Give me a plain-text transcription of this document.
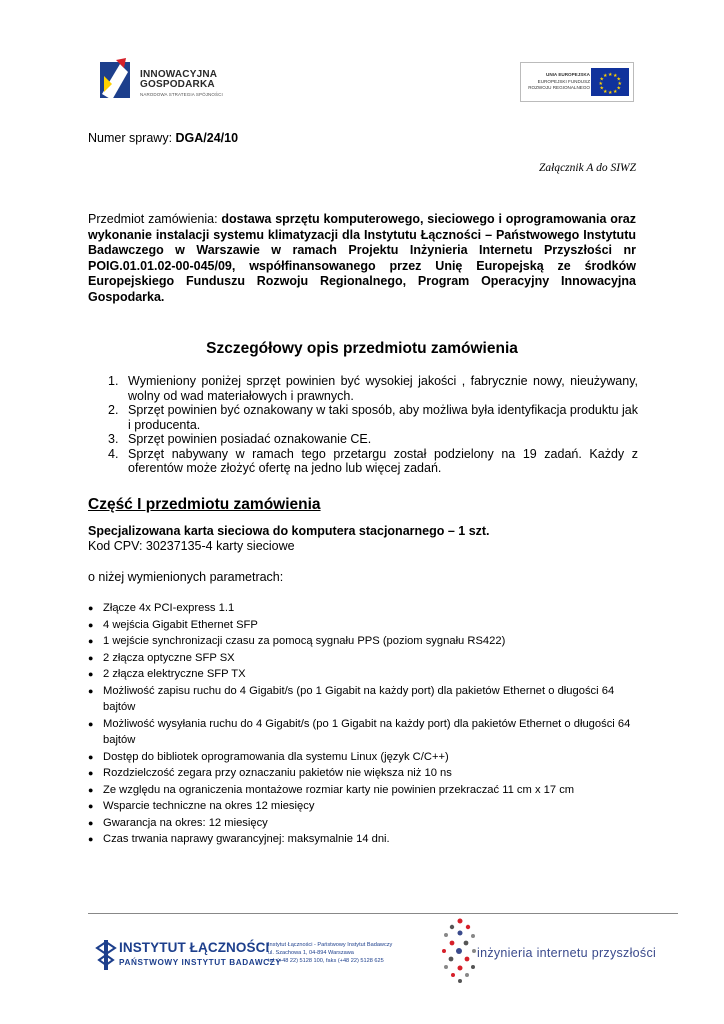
INNOWACYJNA
GOSPODARKA
NARODOWA STRATEGIA SPÓJNOŚCI
UNIA EUROPEJSKA
EUROPEJSKI FUNDUSZ
ROZWOJU REGIONALNEGO
★ ★
★
★
★
★
★
★
★
★
★
★
Numer sprawy: DGA/24/10
Załącznik A do SIWZ
Przedmiot zamówienia: dostawa sprzętu komputerowego, sieciowego i oprogramowania oraz wykonanie instalacji systemu klimatyzacji dla Instytutu Łączności – Państwowego Instytutu Badawczego w Warszawie w ramach Projektu Inżynieria Internetu Przyszłości nr POIG.01.01.02-00-045/09, współfinansowanego przez Unię Europejską ze środków Europejskiego Funduszu Rozwoju Regionalnego, Program Operacyjny Innowacyjna Gospodarka.
Szczegółowy opis przedmiotu zamówienia
1. Wymieniony poniżej sprzęt powinien być wysokiej jakości , fabrycznie nowy, nieużywany, wolny od wad materiałowych i prawnych.
2. Sprzęt powinien być oznakowany w taki sposób, aby możliwa była identyfikacja produktu jak i producenta.
3. Sprzęt powinien posiadać oznakowanie CE.
4. Sprzęt nabywany w ramach tego przetargu został podzielony na 19 zadań. Każdy z oferentów może złożyć ofertę na jedno lub więcej zadań.
Część I przedmiotu zamówienia
Specjalizowana karta sieciowa do komputera stacjonarnego – 1 szt.
Kod CPV: 30237135-4 karty sieciowe
o niżej wymienionych parametrach:
● Złącze 4x PCI-express 1.1
● 4 wejścia Gigabit Ethernet SFP
● 1 wejście synchronizacji czasu za pomocą sygnału PPS (poziom sygnału RS422)
● 2 złącza optyczne SFP SX
● 2 złącza elektryczne SFP TX
● Możliwość zapisu ruchu do 4 Gigabit/s (po 1 Gigabit na każdy port) dla pakietów Ethernet o długości 64 bajtów
● Możliwość wysyłania ruchu do 4 Gigabit/s (po 1 Gigabit na każdy port) dla pakietów Ethernet o długości 64 bajtów
● Dostęp do bibliotek oprogramowania dla systemu Linux (język C/C++)
● Rozdzielczość zegara przy oznaczaniu pakietów nie większa niż 10 ns
● Ze względu na ograniczenia montażowe rozmiar karty nie powinien przekraczać 11 cm x 17 cm
● Wsparcie techniczne na okres 12 miesięcy
● Gwarancja na okres: 12 miesięcy
● Czas trwania naprawy gwarancyjnej: maksymalnie 14 dni.
INSTYTUT ŁĄCZNOŚCI
PAŃSTWOWY INSTYTUT BADAWCZY
Instytut Łączności - Państwowy Instytut Badawczy
ul. Szachowa 1, 04-894 Warszawa
tel. (+48 22) 5128 100, faks (+48 22) 5128 625
inżynieria internetu przyszłości
